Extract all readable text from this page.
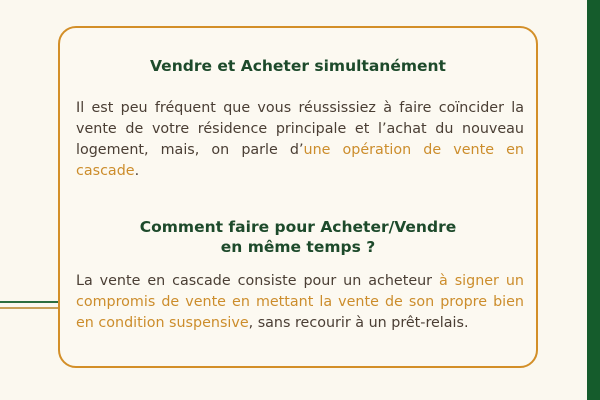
Vendre et Acheter simultanément

Il est peu fréquent que vous réussissiez à faire coïncider la vente de votre résidence principale et l’achat du nouveau logement, mais, on parle d’une opération de vente en cascade.

Comment faire pour Acheter/Vendre
en même temps ?

La vente en cascade consiste pour un acheteur à signer un compromis de vente en mettant la vente de son propre bien en condition suspensive, sans recourir à un prêt-relais.
